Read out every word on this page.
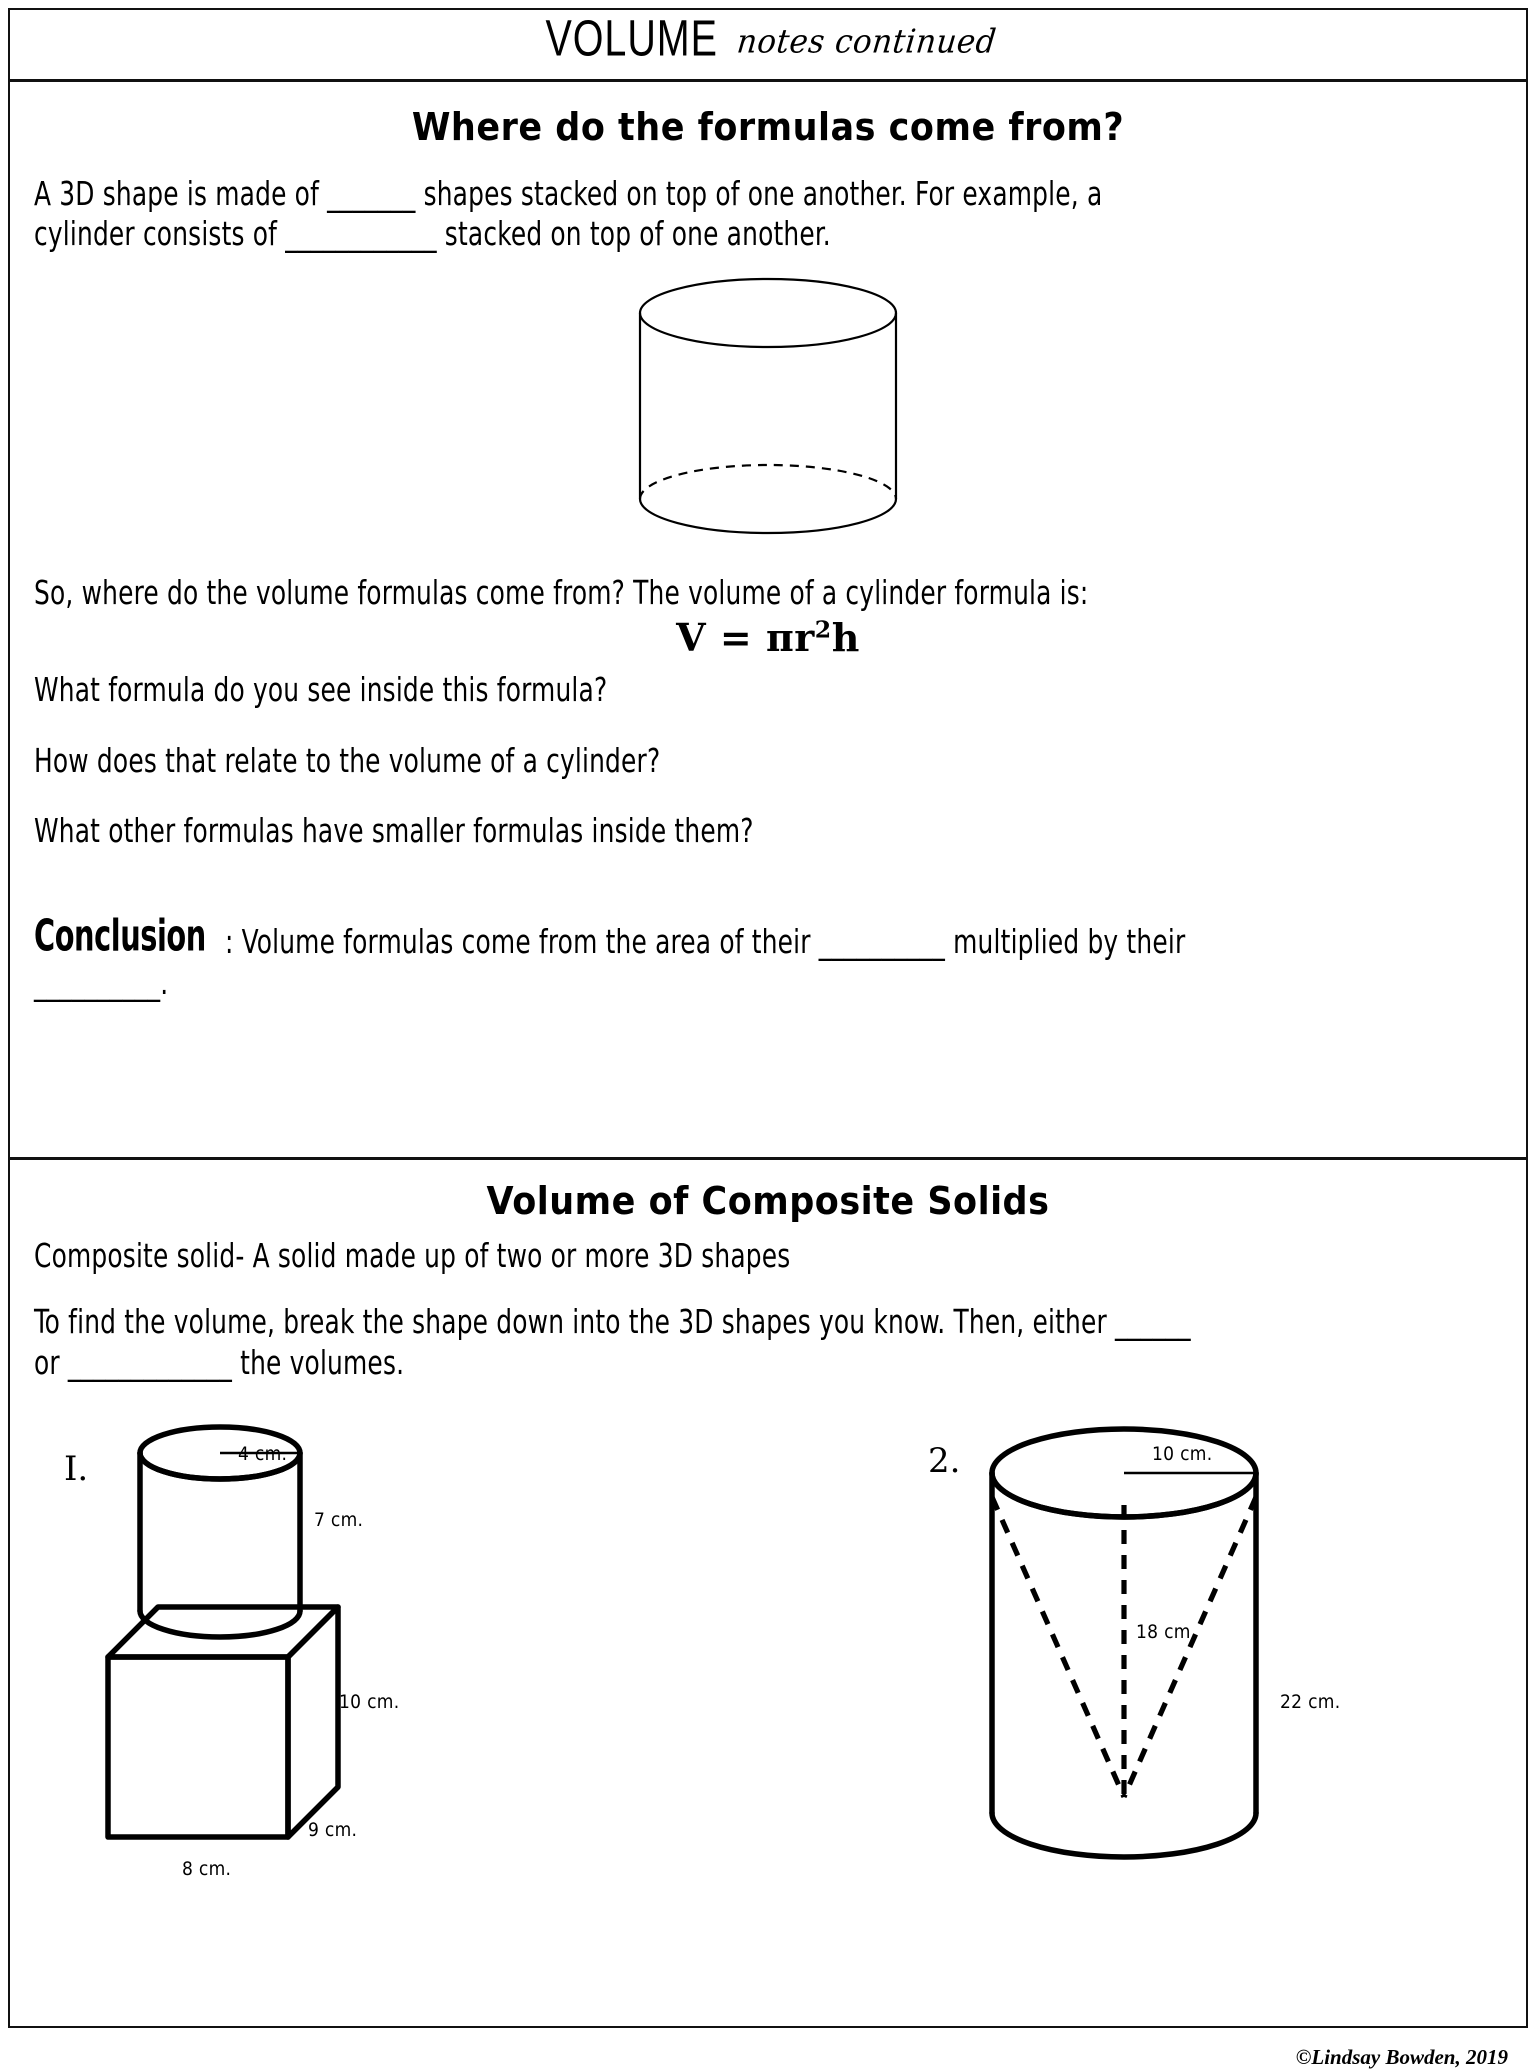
VOLUME notes continued
Where do the formulas come from?
A 3D shape is made of _______ shapes stacked on top of one another. For example, a
cylinder consists of ____________ stacked on top of one another.
So, where do the volume formulas come from? The volume of a cylinder formula is:
$V = \pi r^2h$
What formula do you see inside this formula?
How does that relate to the volume of a cylinder?
What other formulas have smaller formulas inside them?
Conclusion : Volume formulas come from the area of their __________ multiplied by their
__________.
Volume of Composite Solids
Composite solid- A solid made up of two or more 3D shapes
To find the volume, break the shape down into the 3D shapes you know. Then, either ______
or _____________ the volumes.
I.	4 cm.
7 cm.
10 cm.
9 cm.
8 cm.
2.	10 cm.
18 cm.
22 cm.
©Lindsay Bowden, 2019
